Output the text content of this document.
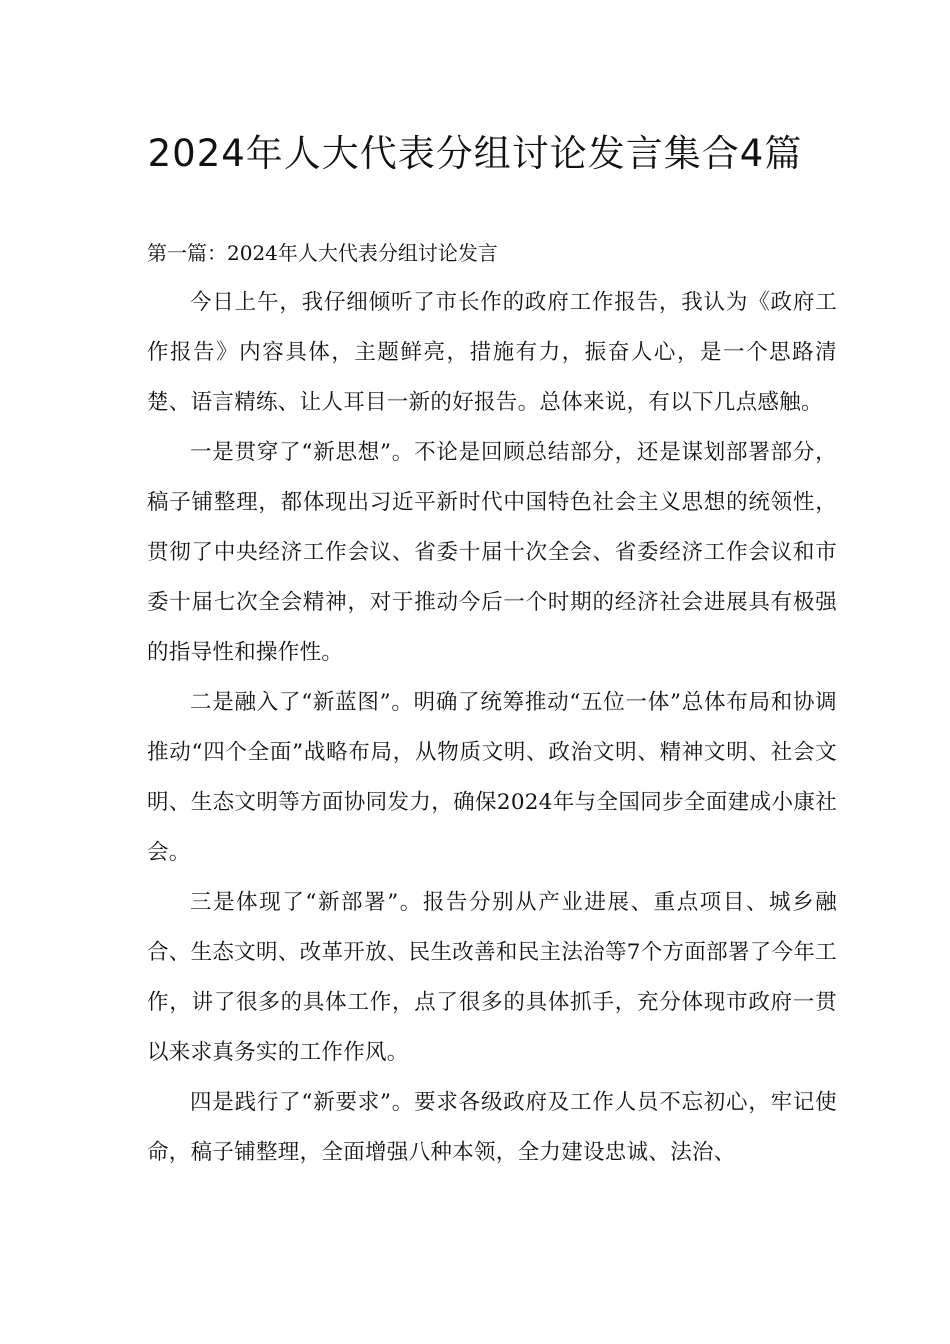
2024年人大代表分组讨论发言集合4篇

第一篇：2024年人大代表分组讨论发言

今日上午，我仔细倾听了市长作的政府工作报告，我认为《政府工作报告》内容具体，主题鲜亮，措施有力，振奋人心，是一个思路清楚、语言精练、让人耳目一新的好报告。总体来说，有以下几点感触。

一是贯穿了“新思想”。不论是回顾总结部分，还是谋划部署部分，稿子铺整理，都体现出习近平新时代中国特色社会主义思想的统领性，贯彻了中央经济工作会议、省委十届十次全会、省委经济工作会议和市委十届七次全会精神，对于推动今后一个时期的经济社会进展具有极强的指导性和操作性。

二是融入了“新蓝图”。明确了统筹推动“五位一体”总体布局和协调推动“四个全面”战略布局，从物质文明、政治文明、精神文明、社会文明、生态文明等方面协同发力，确保2024年与全国同步全面建成小康社会。

三是体现了“新部署”。报告分别从产业进展、重点项目、城乡融合、生态文明、改革开放、民生改善和民主法治等7个方面部署了今年工作，讲了很多的具体工作，点了很多的具体抓手，充分体现市政府一贯以来求真务实的工作作风。

四是践行了“新要求”。要求各级政府及工作人员不忘初心，牢记使命，稿子铺整理，全面增强八种本领，全力建设忠诚、法治、
